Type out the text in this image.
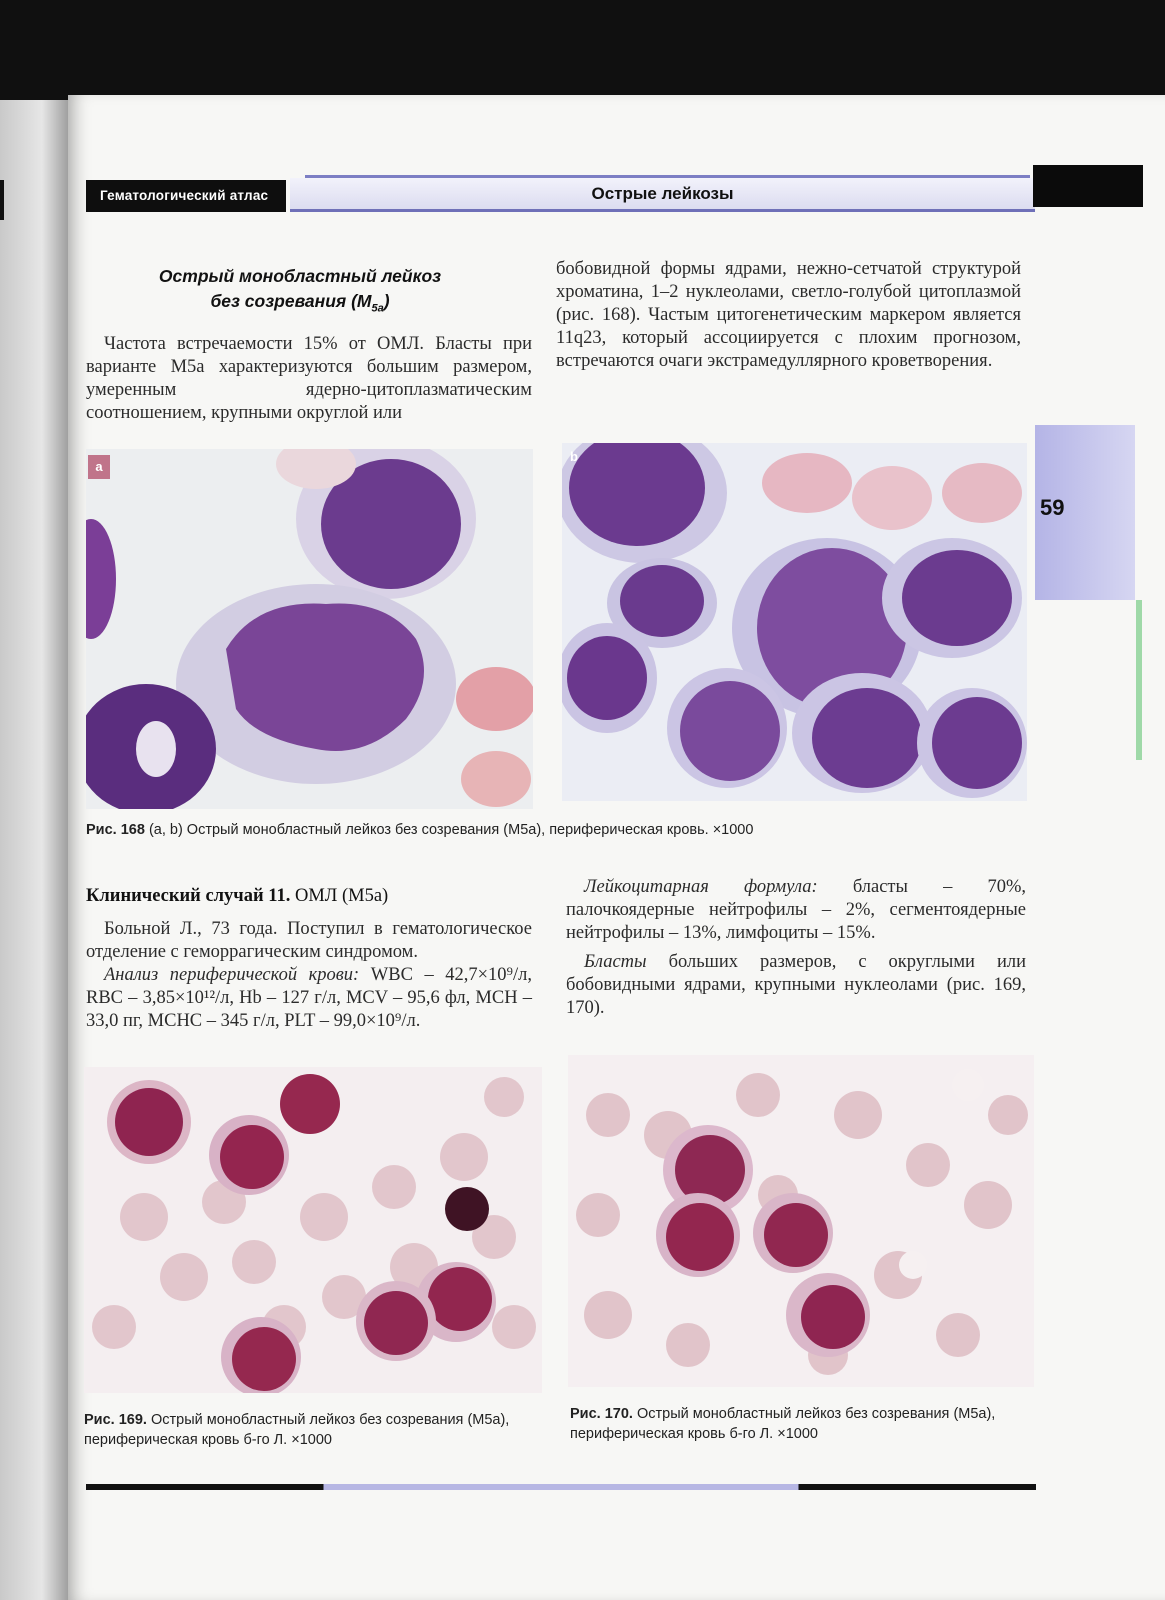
Гематологический атлас	Острые лейкозы
59
Острый монобластный лейкоз
без созревания $(M_{5a})$
Частота встречаемости 15% от ОМЛ. Бласты при варианте M5a характеризуются большим размером, умеренным ядерно-цитоплазматическим соотношением, крупными округлой или
бобовидной формы ядрами, нежно-сетчатой структурой хроматина, 1–2 нуклеолами, светло-голубой цитоплазмой (рис. 168). Частым цитогенетическим маркером является 11q23, который ассоциируется с плохим прогнозом, встречаются очаги экстрамедуллярного кроветворения.
a
b
Рис. 168 (a, b) Острый монобластный лейкоз без созревания (M5a), периферическая кровь. ×1000
Клинический случай 11. ОМЛ (M5a)
Больной Л., 73 года. Поступил в гематологическое отделение с геморрагическим синдромом.
Анализ периферической крови: WBC – 42,7×10⁹/л, RBC – 3,85×10¹²/л, Hb – 127 г/л, MCV – 95,6 фл, MCH – 33,0 пг, MCHC – 345 г/л, PLT – 99,0×10⁹/л.
Лейкоцитарная формула: бласты – 70%, палочкоядерные нейтрофилы – 2%, сегментоядерные нейтрофилы – 13%, лимфоциты – 15%.
Бласты больших размеров, с округлыми или бобовидными ядрами, крупными нуклеолами (рис. 169, 170).
Рис. 169. Острый монобластный лейкоз без созревания (M5a), периферическая кровь б-го Л. ×1000
Рис. 170. Острый монобластный лейкоз без созревания (M5a), периферическая кровь б-го Л. ×1000
